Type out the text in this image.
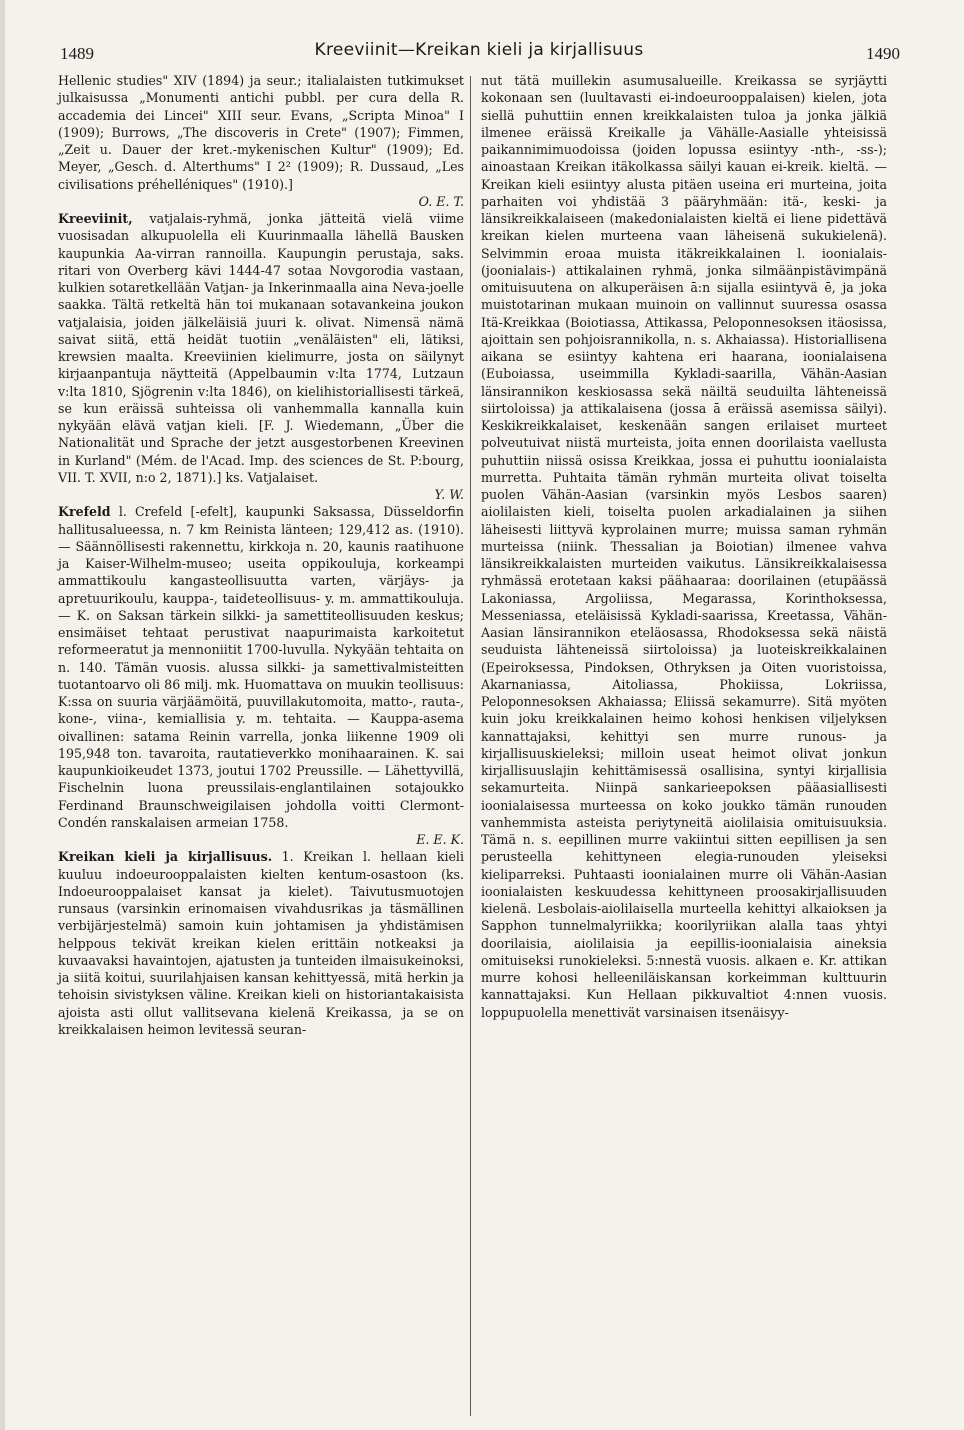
1489	Kreeviinit—Kreikan kieli ja kirjallisuus	1490

Hellenic studies" XIV (1894) ja seur.; italialaisten tutkimukset julkaisussa „Monumenti antichi pubbl. per cura della R. accademia dei Lincei" XIII seur. Evans, „Scripta Minoa" I (1909); Burrows, „The discoveris in Crete" (1907); Fimmen, „Zeit u. Dauer der kret.-mykenischen Kultur" (1909); Ed. Meyer, „Gesch. d. Alterthums" I 2² (1909); R. Dussaud, „Les civilisations préhelléniques" (1910).]
O. E. T.

Kreeviinit, vatjalais-ryhmä, jonka jätteitä vielä viime vuosisadan alkupuolella eli Kuurinmaalla lähellä Bausken kaupunkia Aa-virran rannoilla. Kaupungin perustaja, saks. ritari von Overberg kävi 1444-47 sotaa Novgorodia vastaan, kulkien sotaretkellään Vatjan- ja Inkerinmaalla aina Neva-joelle saakka. Tältä retkeltä hän toi mukanaan sotavankeina joukon vatjalaisia, joiden jälkeläisiä juuri k. olivat. Nimensä nämä saivat siitä, että heidät tuotiin „venäläisten" eli, lätiksi, krewsien maalta. Kreeviinien kielimurre, josta on säilynyt kirjaanpantuja näytteitä (Appelbaumin v:lta 1774, Lutzaun v:lta 1810, Sjögrenin v:lta 1846), on kielihistoriallisesti tärkeä, se kun eräissä suhteissa oli vanhemmalla kannalla kuin nykyään elävä vatjan kieli. [F. J. Wiedemann, „Über die Nationalität und Sprache der jetzt ausgestorbenen Kreevinen in Kurland" (Mém. de l'Acad. Imp. des sciences de St. P:bourg, VII. T. XVII, n:o 2, 1871).] ks. Vatjalaiset.
Y. W.

Krefeld l. Crefeld [-efelt], kaupunki Saksassa, Düsseldorfin hallitusalueessa, n. 7 km Reinista länteen; 129,412 as. (1910). — Säännöllisesti rakennettu, kirkkoja n. 20, kaunis raatihuone ja Kaiser-Wilhelm-museo; useita oppikouluja, korkeampi ammattikoulu kangasteollisuutta varten, värjäys- ja apretuurikoulu, kauppa-, taideteollisuus- y. m. ammattikouluja. — K. on Saksan tärkein silkki- ja samettiteollisuuden keskus; ensimäiset tehtaat perustivat naapurimaista karkoitetut reformeeratut ja mennoniitit 1700-luvulla. Nykyään tehtaita on n. 140. Tämän vuosis. alussa silkki- ja samettivalmisteitten tuotantoarvo oli 86 milj. mk. Huomattava on muukin teollisuus: K:ssa on suuria värjäämöitä, puuvillakutomoita, matto-, rauta-, kone-, viina-, kemiallisia y. m. tehtaita. — Kauppa-asema oivallinen: satama Reinin varrella, jonka liikenne 1909 oli 195,948 ton. tavaroita, rautatieverkko monihaarainen. K. sai kaupunkioikeudet 1373, joutui 1702 Preussille. — Lähettyvillä, Fischelnin luona preussilais-englantilainen sotajoukko Ferdinand Braunschweigilaisen johdolla voitti Clermont-Condén ranskalaisen armeian 1758.
E. E. K.

Kreikan kieli ja kirjallisuus. 1. Kreikan l. hellaan kieli kuuluu indoeurooppalaisten kielten kentum-osastoon (ks. Indoeurooppalaiset kansat ja kielet). Taivutusmuotojen runsaus (varsinkin erinomaisen vivahdusrikas ja täsmällinen verbijärjestelmä) samoin kuin johtamisen ja yhdistämisen helppous tekivät kreikan kielen erittäin notkeaksi ja kuvaavaksi havaintojen, ajatusten ja tunteiden ilmaisukeinoksi, ja siitä koitui, suurilahjaisen kansan kehittyessä, mitä herkin ja tehoisin sivistyksen väline. Kreikan kieli on historiantakaisista ajoista asti ollut vallitsevana kielenä Kreikassa, ja se on kreikkalaisen heimon levitessä seuran-

nut tätä muillekin asumusalueille. Kreikassa se syrjäytti kokonaan sen (luultavasti ei-indoeurooppalaisen) kielen, jota siellä puhuttiin ennen kreikkalaisten tuloa ja jonka jälkiä ilmenee eräissä Kreikalle ja Vähälle-Aasialle yhteisissä paikannimimuodoissa (joiden lopussa esiintyy -nth-, -ss-); ainoastaan Kreikan itäkolkassa säilyi kauan ei-kreik. kieltä. — Kreikan kieli esiintyy alusta pitäen useina eri murteina, joita parhaiten voi yhdistää 3 pääryhmään: itä-, keski- ja länsikreikkalaiseen (makedonialaisten kieltä ei liene pidettävä kreikan kielen murteena vaan läheisenä sukukielenä). Selvimmin eroaa muista itäkreikkalainen l. ioonialais- (joonialais-) attikalainen ryhmä, jonka silmäänpistävimpänä omituisuutena on alkuperäisen ā:n sijalla esiintyvä ē, ja joka muistotarinan mukaan muinoin on vallinnut suuressa osassa Itä-Kreikkaa (Boiotiassa, Attikassa, Peloponnesoksen itäosissa, ajoittain sen pohjoisrannikolla, n. s. Akhaiassa). Historiallisena aikana se esiintyy kahtena eri haarana, ioonialaisena (Euboiassa, useimmilla Kykladi-saarilla, Vähän-Aasian länsirannikon keskiosassa sekä näiltä seuduilta lähteneissä siirtoloissa) ja attikalaisena (jossa ā eräissä asemissa säilyi). Keskikreikkalaiset, keskenään sangen erilaiset murteet polveutuivat niistä murteista, joita ennen doorilaista vaellusta puhuttiin niissä osissa Kreikkaa, jossa ei puhuttu ioonialaista murretta. Puhtaita tämän ryhmän murteita olivat toiselta puolen Vähän-Aasian (varsinkin myös Lesbos saaren) aiolilaisten kieli, toiselta puolen arkadialainen ja siihen läheisesti liittyvä kyprolainen murre; muissa saman ryhmän murteissa (niink. Thessalian ja Boiotian) ilmenee vahva länsikreikkalaisten murteiden vaikutus. Länsikreikkalaisessa ryhmässä erotetaan kaksi päähaaraa: doorilainen (etupäässä Lakoniassa, Argoliissa, Megarassa, Korinthoksessa, Messeniassa, eteläisissä Kykladi-saarissa, Kreetassa, Vähän-Aasian länsirannikon eteläosassa, Rhodoksessa sekä näistä seuduista lähteneissä siirtoloissa) ja luoteiskreikkalainen (Epeiroksessa, Pindoksen, Othryksen ja Oiten vuoristoissa, Akarnaniassa, Aitoliassa, Phokiissa, Lokriissa, Peloponnesoksen Akhaiassa; Eliissä sekamurre). Sitä myöten kuin joku kreikkalainen heimo kohosi henkisen viljelyksen kannattajaksi, kehittyi sen murre runous- ja kirjallisuuskieleksi; milloin useat heimot olivat jonkun kirjallisuuslajin kehittämisessä osallisina, syntyi kirjallisia sekamurteita. Niinpä sankarieepoksen pääasiallisesti ioonialaisessa murteessa on koko joukko tämän runouden vanhemmista asteista periytyneitä aiolilaisia omituisuuksia. Tämä n. s. eepillinen murre vakiintui sitten eepillisen ja sen perusteella kehittyneen elegia-runouden yleiseksi kieliparreksi. Puhtaasti ioonialainen murre oli Vähän-Aasian ioonialaisten keskuudessa kehittyneen proosakirjallisuuden kielenä. Lesbolais-aiolilaisella murteella kehittyi alkaioksen ja Sapphon tunnelmalyriikka; koorilyriikan alalla taas yhtyi doorilaisia, aiolilaisia ja eepillis-ioonialaisia aineksia omituiseksi runokieleksi. 5:nnestä vuosis. alkaen e. Kr. attikan murre kohosi helleeniläiskansan korkeimman kulttuurin kannattajaksi. Kun Hellaan pikkuvaltiot 4:nnen vuosis. loppupuolella menettivät varsinaisen itsenäisyy-
